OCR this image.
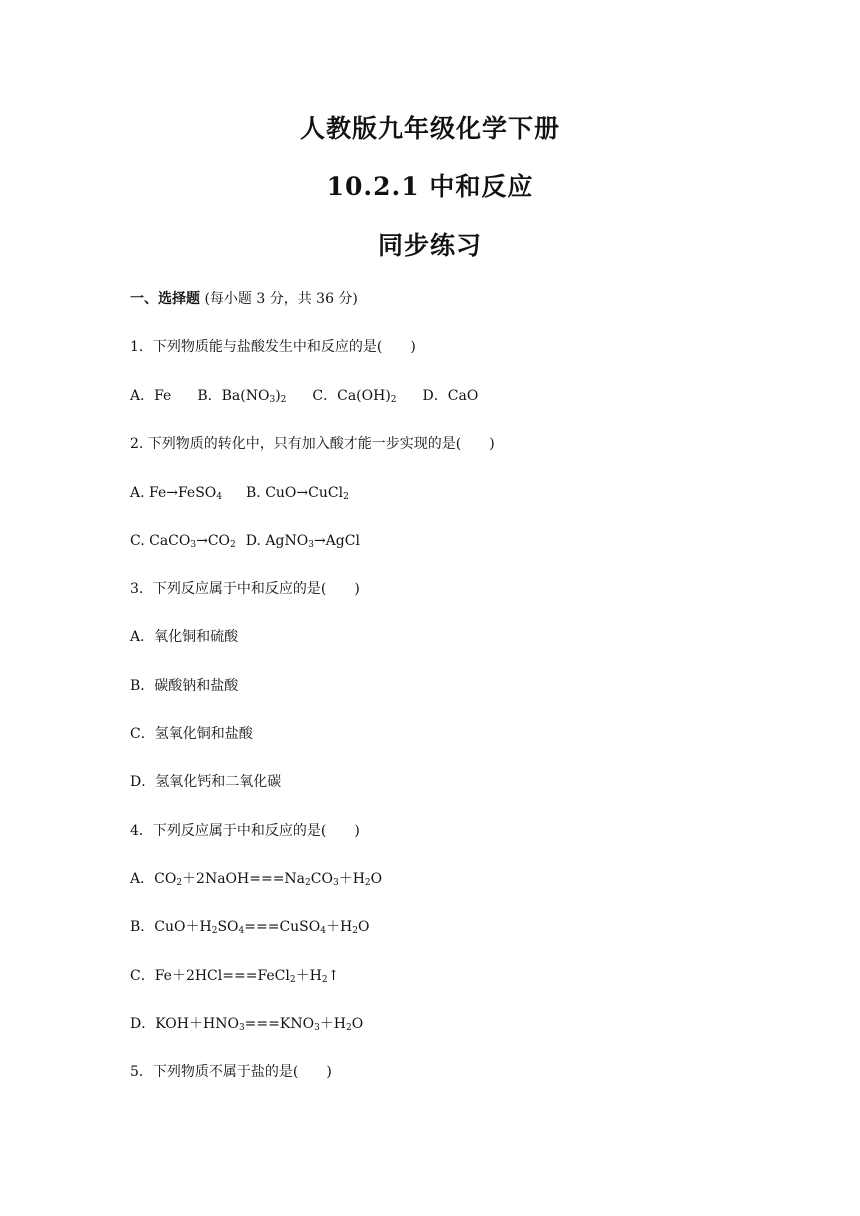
人教版九年级化学下册
10.2.1 中和反应
同步练习
一、选择题 (每小题 3 分，共 36 分)
1．下列物质能与盐酸发生中和反应的是(　　)
A．Fe B．$Ba(NO_3)_2$ C．$Ca(OH)_2$ D．CaO
2. 下列物质的转化中，只有加入酸才能一步实现的是(　　)
A. Fe→FeSO$_4$ B. CuO→CuCl$_2$
C. $CaCO_3\to CO_2$ D. AgNO$_3$→AgCl
3．下列反应属于中和反应的是(　　)
A．氧化铜和硫酸
B．碳酸钠和盐酸
C．氢氧化铜和盐酸
D．氢氧化钙和二氧化碳
4．下列反应属于中和反应的是(　　)
A．$CO_2+2NaOH===Na_2CO_3+H_2O$
B．$CuO+H_2SO_4===CuSO_4+H_2O$
C．$Fe+2HCl===FeCl_2+H_2↑$
D．$KOH+HNO_3===KNO_3+H_2O$
5．下列物质不属于盐的是(　　)
